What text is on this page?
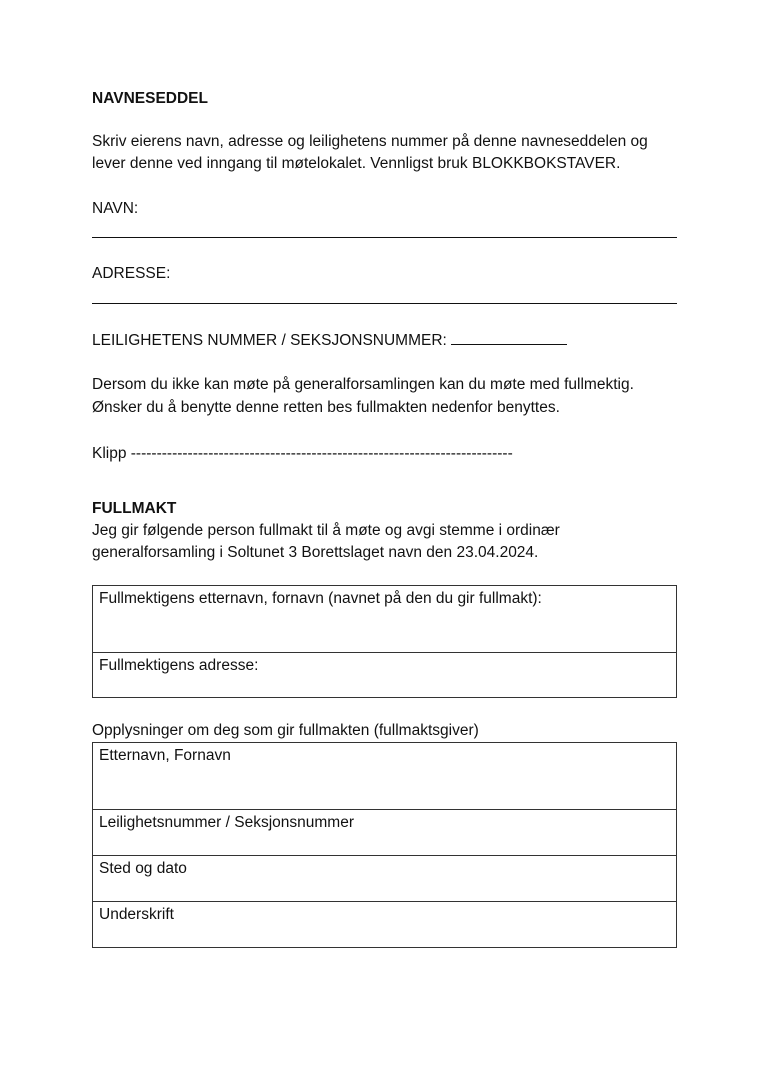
NAVNESEDDEL
Skriv eierens navn, adresse og leilighetens nummer på denne navneseddelen og
lever denne ved inngang til møtelokalet. Vennligst bruk BLOKKBOKSTAVER.
NAVN:
ADRESSE:
LEILIGHETENS NUMMER / SEKSJONSNUMMER:
Dersom du ikke kan møte på generalforsamlingen kan du møte med fullmektig.
Ønsker du å benytte denne retten bes fullmakten nedenfor benyttes.
Klipp --------------------------------------------------------------------------
FULLMAKT
Jeg gir følgende person fullmakt til å møte og avgi stemme i ordinær
generalforsamling i Soltunet 3 Borettslaget navn den 23.04.2024.
Fullmektigens etternavn, fornavn (navnet på den du gir fullmakt):
Fullmektigens adresse:
Opplysninger om deg som gir fullmakten (fullmaktsgiver)
Etternavn, Fornavn
Leilighetsnummer / Seksjonsnummer
Sted og dato
Underskrift
